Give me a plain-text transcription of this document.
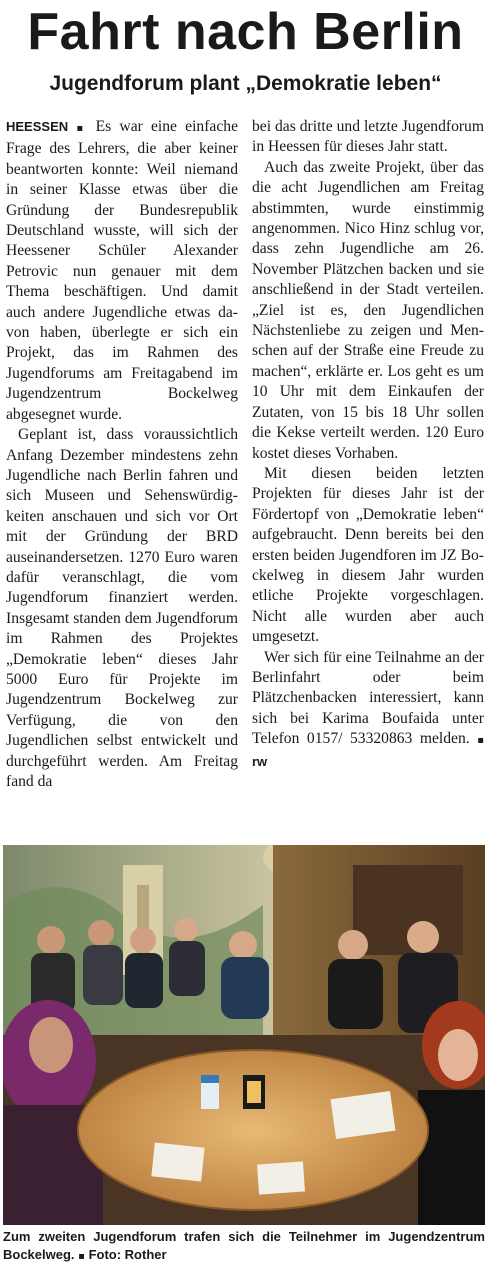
Fahrt nach Berlin
Jugendforum plant „Demokratie leben“

HEESSEN ▪ Es war eine einfache Frage des Lehrers, die aber keiner beantworten konnte: Weil niemand in seiner Klasse etwas über die Gründung der Bundesrepublik Deutschland wusste, will sich der Heessener Schüler Alexander Petrovic nun genauer mit dem Thema beschäftigen. Und damit auch andere Jugendliche etwas davon haben, überlegte er sich ein Projekt, das im Rahmen des Jugendforums am Freitagabend im Jugendzentrum Bockelweg abgesegnet wurde.

Geplant ist, dass voraussichtlich Anfang Dezember mindestens zehn Jugendliche nach Berlin fahren und sich Museen und Sehenswürdigkeiten anschauen und sich vor Ort mit der Gründung der BRD auseinandersetzen. 1270 Euro waren dafür veranschlagt, die vom Jugendforum finanziert werden. Insgesamt standen dem Jugendforum im Rahmen des Projektes „Demokratie leben“ dieses Jahr 5000 Euro für Projekte im Jugendzentrum Bockelweg zur Verfügung, die von den Jugendlichen selbst entwickelt und durchgeführt werden. Am Freitag fand da

bei das dritte und letzte Jugendforum in Heessen für dieses Jahr statt.

Auch das zweite Projekt, über das die acht Jugendlichen am Freitag abstimmten, wurde einstimmig angenommen. Nico Hinz schlug vor, dass zehn Jugendliche am 26. November Plätzchen backen und sie anschließend in der Stadt verteilen. „Ziel ist es, den Jugendlichen Nächstenliebe zu zeigen und Menschen auf der Straße eine Freude zu machen“, erklärte er. Los geht es um 10 Uhr mit dem Einkaufen der Zutaten, von 15 bis 18 Uhr sollen die Kekse verteilt werden. 120 Euro kostet dieses Vorhaben.

Mit diesen beiden letzten Projekten für dieses Jahr ist der Fördertopf von „Demokratie leben“ aufgebraucht. Denn bereits bei den ersten beiden Jugendforen im JZ Bockelweg in diesem Jahr wurden etliche Projekte vorgeschlagen. Nicht alle wurden aber auch umgesetzt.

Wer sich für eine Teilnahme an der Berlinfahrt oder beim Plätzchenbacken interessiert, kann sich bei Karima Boufaida unter Telefon 0157/ 53320863 melden. ▪ rw

Zum zweiten Jugendforum trafen sich die Teilnehmer im Jugendzentrum Bockelweg. ▪ Foto: Rother
